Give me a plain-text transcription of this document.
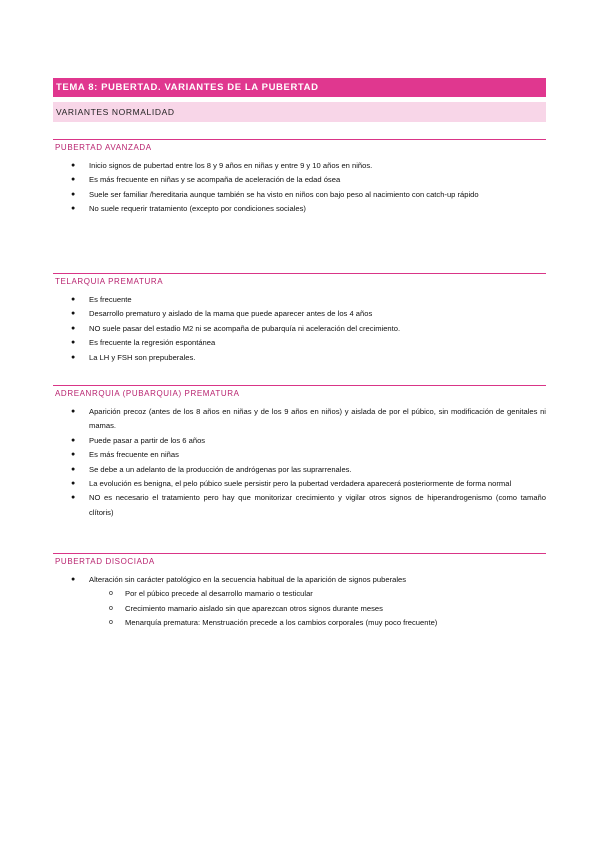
TEMA 8: PUBERTAD. VARIANTES DE LA PUBERTAD
VARIANTES NORMALIDAD
PUBERTAD AVANZADA
● Inicio signos de pubertad entre los 8 y 9 años en niñas y entre 9 y 10 años en niños.
● Es más frecuente en niñas y se acompaña de aceleración de la edad ósea
● Suele ser familiar /hereditaria aunque también se ha visto en niños con bajo peso al nacimiento con catch-up rápido
● No suele requerir tratamiento (excepto por condiciones sociales)
TELARQUIA PREMATURA
● Es frecuente
● Desarrollo prematuro y aislado de la mama que puede aparecer antes de los 4 años
● NO suele pasar del estadio M2 ni se acompaña de pubarquía ni aceleración del crecimiento.
● Es frecuente la regresión espontánea
● La LH y FSH son prepuberales.
ADREANRQUIA (PUBARQUIA) PREMATURA
● Aparición precoz (antes de los 8 años en niñas y de los 9 años en niños) y aislada de por el púbico, sin modificación de genitales ni mamas.
● Puede pasar a partir de los 6 años
● Es más frecuente en niñas
● Se debe a un adelanto de la producción de andrógenas por las suprarrenales.
● La evolución es benigna, el pelo púbico suele persistir pero la pubertad verdadera aparecerá posteriormente de forma normal
● NO es necesario el tratamiento pero hay que monitorizar crecimiento y vigilar otros signos de hiperandrogenismo (como tamaño clítoris)
PUBERTAD DISOCIADA
● Alteración sin carácter patológico en la secuencia habitual de la aparición de signos puberales
o Por el púbico precede al desarrollo mamario o testicular
o Crecimiento mamario aislado sin que aparezcan otros signos durante meses
o Menarquía prematura: Menstruación precede a los cambios corporales (muy poco frecuente)
